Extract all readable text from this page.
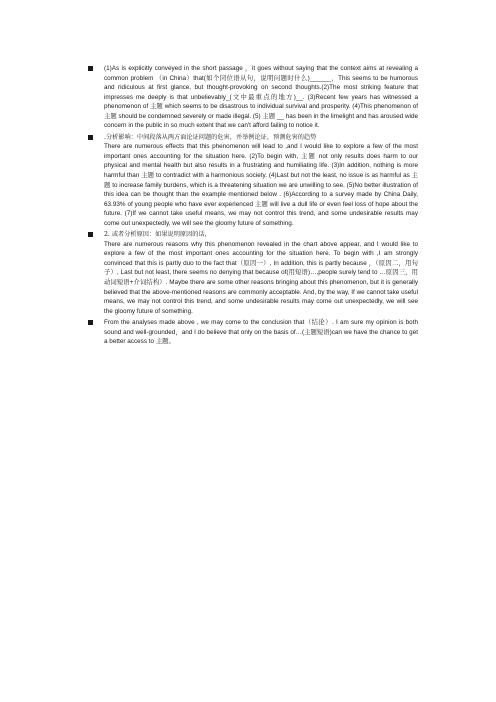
(1)As is explicitly conveyed in the short passage ，it goes without saying that the context aims at revealing a common problem （in China）that(如个同位语从句，说明问题时什么)______，This seems to be humorous and ridiculous at first glance, but thought-provoking on second thoughts.(2)The most striking feature that impresses me deeply is that unbelievably_(文中最重点的地方)__. (3)Recent few years has witnessed a phenomenon of 主题 which seems to be disastrous to individual survival and prosperity. (4)This phenomenon of 主题 should be condemned severely or made illegal. (5) 主题 __ has been in the limelight and has aroused wide concern in the public in so much extent that we can't afford failing to notice it.

.分析影响：中间段落从两方面论证问题的危害，并举例论证，预测危害的趋势

There are numerous effects that this phenomenon will lead to ,and I would like to explore a few of the most important ones accounting for the situation here. (2)To begin with, 主题 not only results does harm to our physical and mental health but also results in a frustrating and humiliating life. (3)In addition, nothing is more harmful than 主题 to contradict with a harmonious society. (4)Last but not the least, no issue is as harmful as 主题 to increase family burdens, which is a threatening situation we are unwilling to see. (5)No better illustration of this idea can be thought than the example mentioned below . (6)According to a survey made by China Daily, 63.93% of young people who have ever experienced 主题 will live a dull life or even feel loss of hope about the future. (7)If we cannot take useful means, we may not control this trend, and some undesirable results may come out unexpectedly, we will see the gloomy future of something.

2. 或者分析原因：如果说明原因的话，

There are numerous reasons why this phenomenon revealed in the chart above appear, and I would like to explore a few of the most important ones accounting for the situation here. To begin with ,I am strongly convinced that this is partly duo to the fact that（原因一）, In addition, this is partly because ，（原因二，用句子）, Last but not least, there seems no denying that because of(用短语)…,people surely tend to …原因三，用动词短语+介词结构）. Maybe there are some other reasons bringing about this phenomenon, but it is generally believed that the above-mentioned reasons are commonly acceptable. And, by the way, If we cannot take useful means, we may not control this trend, and some undesirable results may come out unexpectedly, we will see the gloomy future of something.

From the analyses made above , we may come to the conclusion that（结论）. I am sure my opinion is both sound and well-grounded，and I do believe that only on the basis of…(主题短语)can we have the chance to get a better access to 主题。
